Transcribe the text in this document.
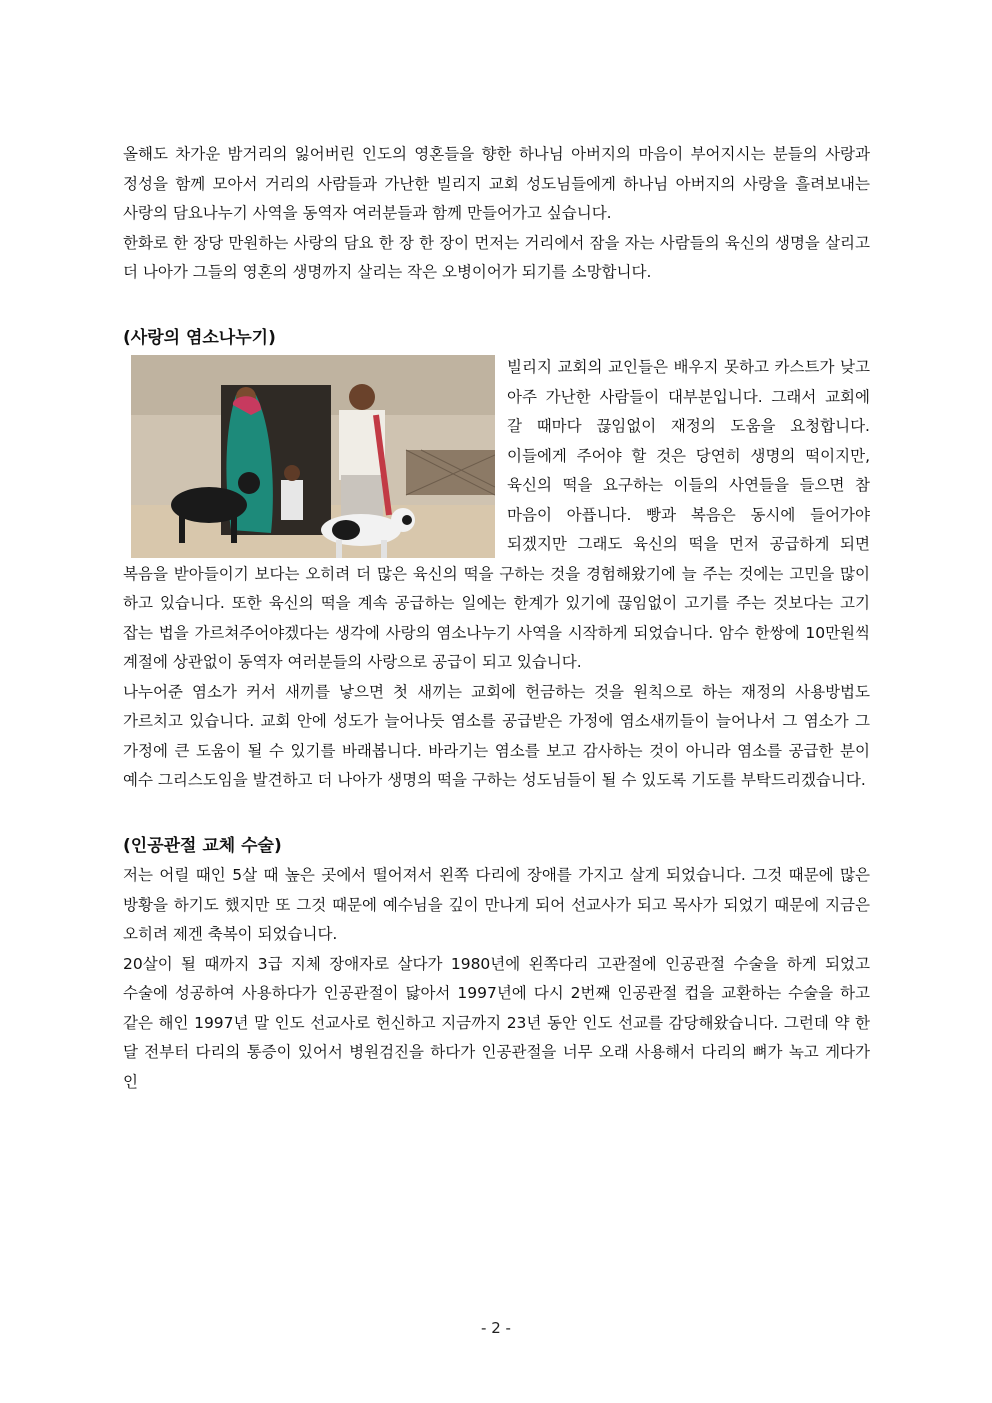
올해도 차가운 밤거리의 잃어버린 인도의 영혼들을 향한 하나님 아버지의 마음이 부어지시는 분들의 사랑과 정성을 함께 모아서 거리의 사람들과 가난한 빌리지 교회 성도님들에게 하나님 아버지의 사랑을 흘려보내는 사랑의 담요나누기 사역을 동역자 여러분들과 함께 만들어가고 싶습니다.

한화로 한 장당 만원하는 사랑의 담요 한 장 한 장이 먼저는 거리에서 잠을 자는 사람들의 육신의 생명을 살리고 더 나아가 그들의 영혼의 생명까지 살리는 작은 오병이어가 되기를 소망합니다.

(사랑의 염소나누기)

빌리지 교회의 교인들은 배우지 못하고 카스트가 낮고 아주 가난한 사람들이 대부분입니다. 그래서 교회에 갈 때마다 끊임없이 재정의 도움을 요청합니다. 이들에게 주어야 할 것은 당연히 생명의 떡이지만, 육신의 떡을 요구하는 이들의 사연들을 들으면 참 마음이 아픕니다. 빵과 복음은 동시에 들어가야 되겠지만 그래도 육신의 떡을 먼저 공급하게 되면 복음을 받아들이기 보다는 오히려 더 많은 육신의 떡을 구하는 것을 경험해왔기에 늘 주는 것에는 고민을 많이 하고 있습니다. 또한 육신의 떡을 계속 공급하는 일에는 한계가 있기에 끊임없이 고기를 주는 것보다는 고기 잡는 법을 가르쳐주어야겠다는 생각에 사랑의 염소나누기 사역을 시작하게 되었습니다. 암수 한쌍에 10만원씩 계절에 상관없이 동역자 여러분들의 사랑으로 공급이 되고 있습니다.

나누어준 염소가 커서 새끼를 낳으면 첫 새끼는 교회에 헌금하는 것을 원칙으로 하는 재정의 사용방법도 가르치고 있습니다. 교회 안에 성도가 늘어나듯 염소를 공급받은 가정에 염소새끼들이 늘어나서 그 염소가 그 가정에 큰 도움이 될 수 있기를 바래봅니다. 바라기는 염소를 보고 감사하는 것이 아니라 염소를 공급한 분이 예수 그리스도임을 발견하고 더 나아가 생명의 떡을 구하는 성도님들이 될 수 있도록 기도를 부탁드리겠습니다.

(인공관절 교체 수술)

저는 어릴 때인 5살 때 높은 곳에서 떨어져서 왼쪽 다리에 장애를 가지고 살게 되었습니다. 그것 때문에 많은 방황을 하기도 했지만 또 그것 때문에 예수님을 깊이 만나게 되어 선교사가 되고 목사가 되었기 때문에 지금은 오히려 제겐 축복이 되었습니다.

20살이 될 때까지 3급 지체 장애자로 살다가 1980년에 왼쪽다리 고관절에 인공관절 수술을 하게 되었고 수술에 성공하여 사용하다가 인공관절이 닳아서 1997년에 다시 2번째 인공관절 컵을 교환하는 수술을 하고 같은 해인 1997년 말 인도 선교사로 헌신하고 지금까지 23년 동안 인도 선교를 감당해왔습니다. 그런데 약 한 달 전부터 다리의 통증이 있어서 병원검진을 하다가 인공관절을 너무 오래 사용해서 다리의 뼈가 녹고 게다가 인

- 2 -
